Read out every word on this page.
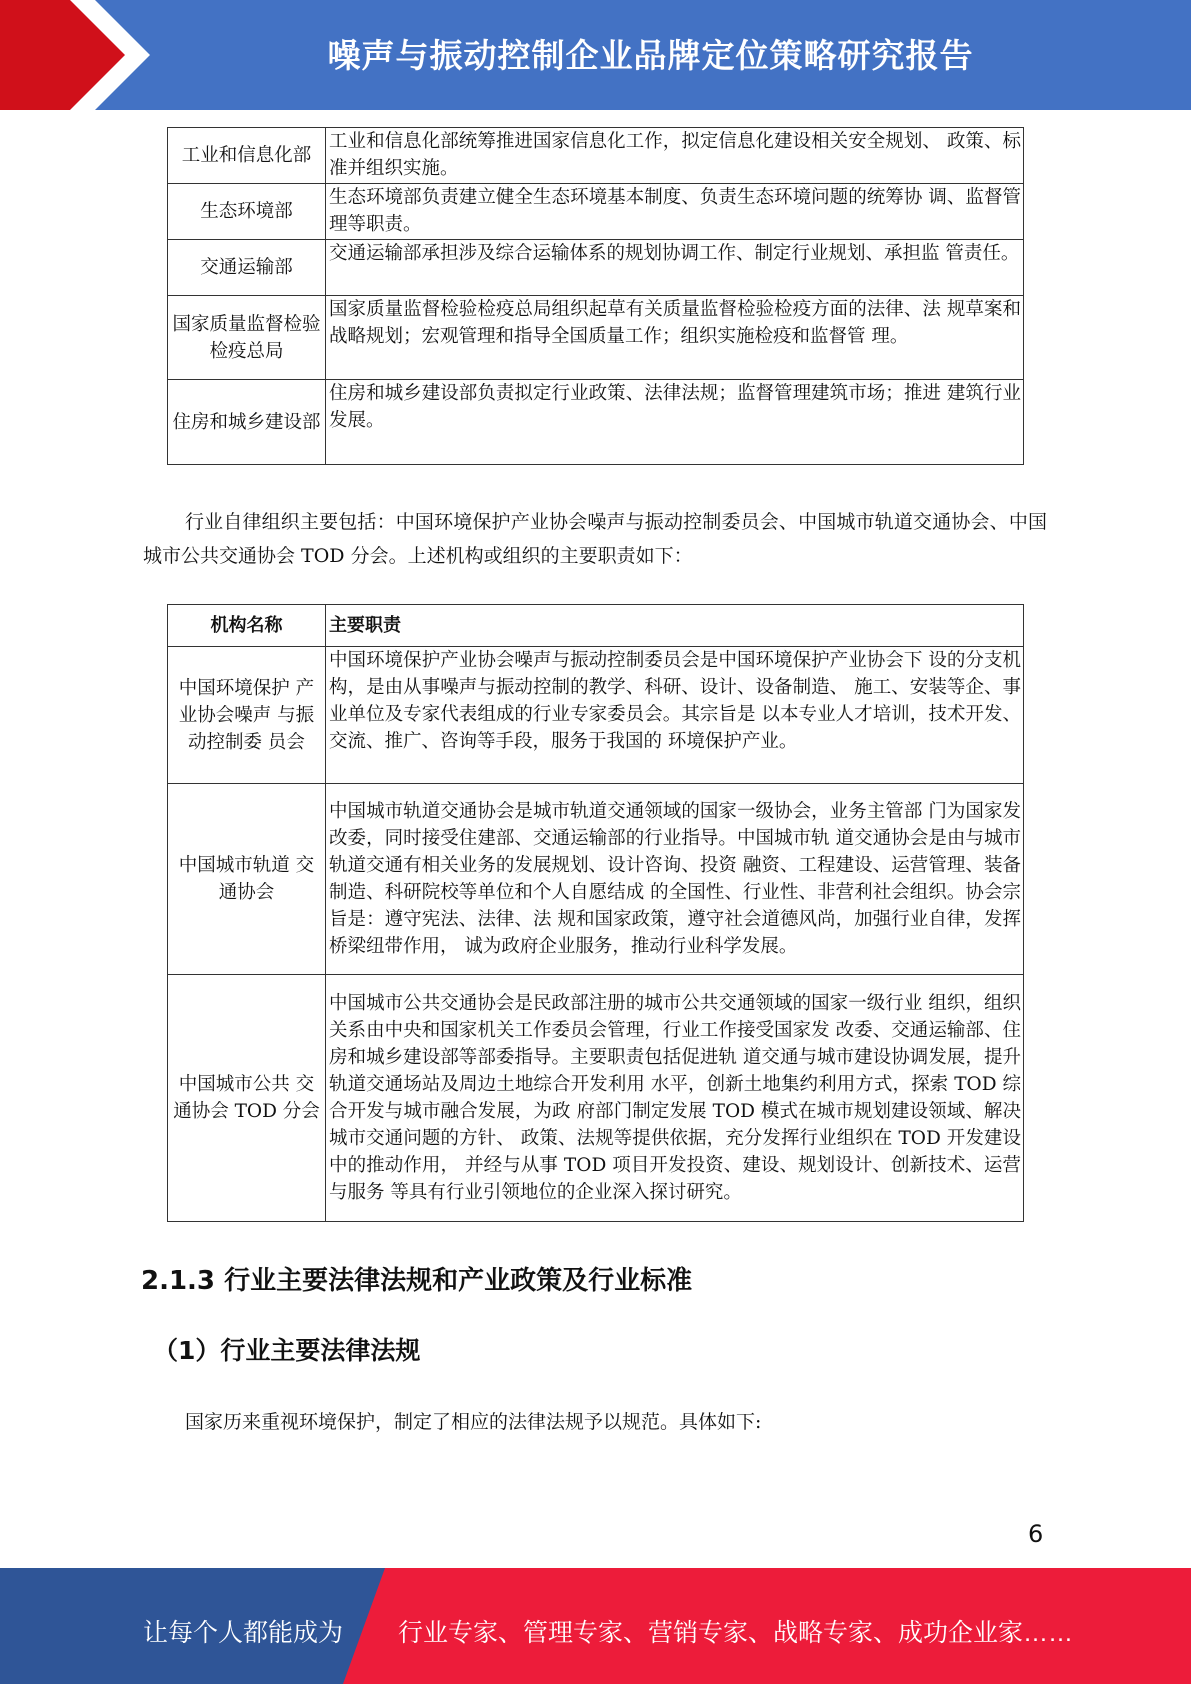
噪声与振动控制企业品牌定位策略研究报告
工业和信息化部	工业和信息化部统筹推进国家信息化工作，拟定信息化建设相关安全规划、 政策、标准并组织实施。
生态环境部	生态环境部负责建立健全生态环境基本制度、负责生态环境问题的统筹协 调、监督管理等职责。
交通运输部	交通运输部承担涉及综合运输体系的规划协调工作、制定行业规划、承担监 管责任。
国家质量监督检验检疫总局	国家质量监督检验检疫总局组织起草有关质量监督检验检疫方面的法律、法 规草案和战略规划；宏观管理和指导全国质量工作；组织实施检疫和监督管 理。
住房和城乡建设部	住房和城乡建设部负责拟定行业政策、法律法规；监督管理建筑市场；推进 建筑行业发展。

行业自律组织主要包括：中国环境保护产业协会噪声与振动控制委员会、中国城市轨道交通协会、中国城市公共交通协会 TOD 分会。上述机构或组织的主要职责如下：

机构名称	主要职责
中国环境保护 产业协会噪声 与振动控制委 员会	中国环境保护产业协会噪声与振动控制委员会是中国环境保护产业协会下 设的分支机构，是由从事噪声与振动控制的教学、科研、设计、设备制造、 施工、安装等企、事业单位及专家代表组成的行业专家委员会。其宗旨是 以本专业人才培训，技术开发、交流、推广、咨询等手段，服务于我国的 环境保护产业。
中国城市轨道 交通协会	中国城市轨道交通协会是城市轨道交通领域的国家一级协会，业务主管部 门为国家发改委，同时接受住建部、交通运输部的行业指导。中国城市轨 道交通协会是由与城市轨道交通有相关业务的发展规划、设计咨询、投资 融资、工程建设、运营管理、装备制造、科研院校等单位和个人自愿结成 的全国性、行业性、非营利社会组织。协会宗旨是：遵守宪法、法律、法 规和国家政策，遵守社会道德风尚，加强行业自律，发挥桥梁纽带作用， 诚为政府企业服务，推动行业科学发展。
中国城市公共 交通协会 TOD 分会	中国城市公共交通协会是民政部注册的城市公共交通领域的国家一级行业 组织，组织关系由中央和国家机关工作委员会管理，行业工作接受国家发 改委、交通运输部、住房和城乡建设部等部委指导。主要职责包括促进轨 道交通与城市建设协调发展，提升轨道交通场站及周边土地综合开发利用 水平，创新土地集约利用方式，探索 TOD 综合开发与城市融合发展，为政 府部门制定发展 TOD 模式在城市规划建设领域、解决城市交通问题的方针、 政策、法规等提供依据，充分发挥行业组织在 TOD 开发建设中的推动作用， 并经与从事 TOD 项目开发投资、建设、规划设计、创新技术、运营与服务 等具有行业引领地位的企业深入探讨研究。
2.1.3 行业主要法律法规和产业政策及行业标准
（1）行业主要法律法规

国家历来重视环境保护，制定了相应的法律法规予以规范。具体如下:

6
让每个人都能成为 行业专家、管理专家、营销专家、战略专家、成功企业家……
